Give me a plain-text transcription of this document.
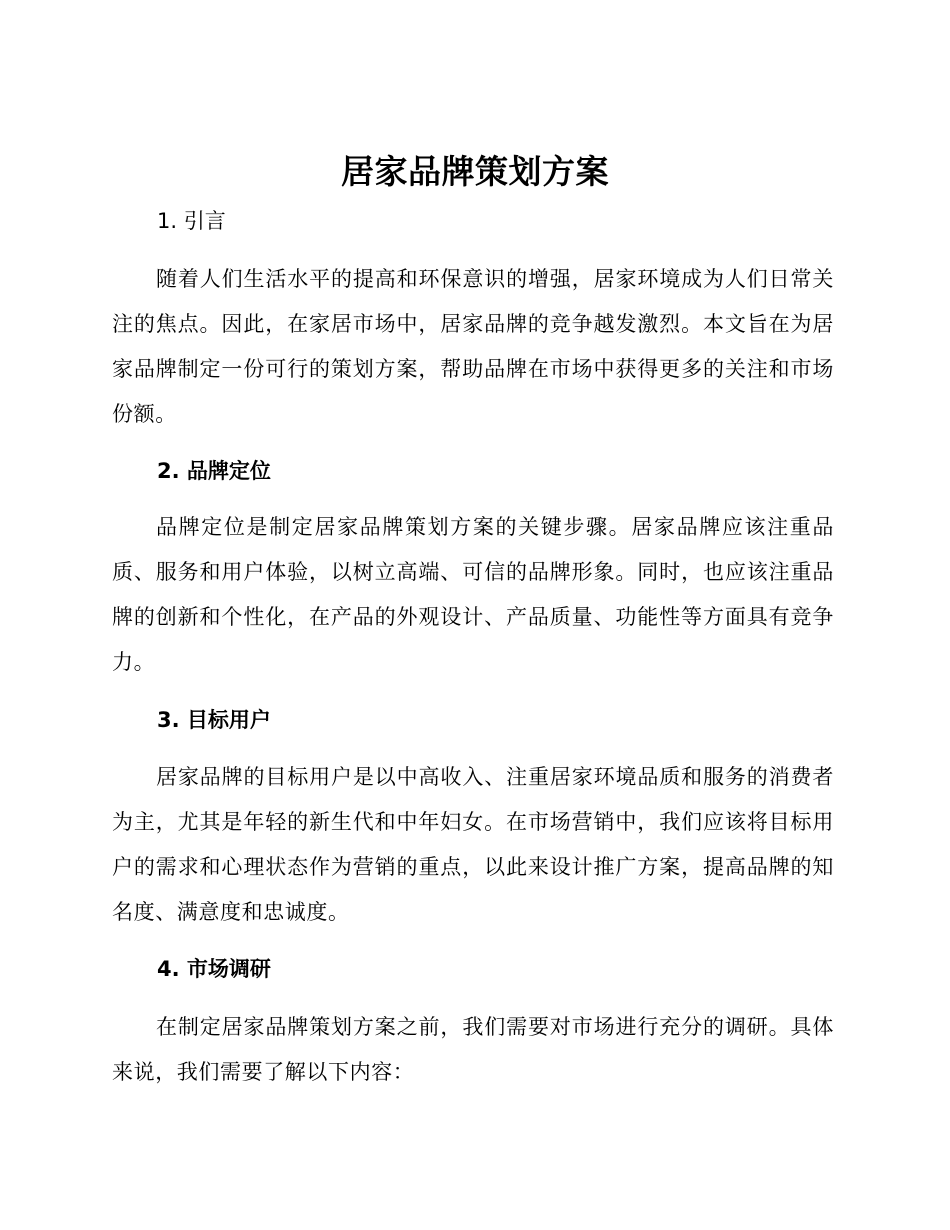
居家品牌策划方案
1. 引言

随着人们生活水平的提高和环保意识的增强，居家环境成为人们日常关注的焦点。因此，在家居市场中，居家品牌的竞争越发激烈。本文旨在为居家品牌制定一份可行的策划方案，帮助品牌在市场中获得更多的关注和市场份额。

2. 品牌定位

品牌定位是制定居家品牌策划方案的关键步骤。居家品牌应该注重品质、服务和用户体验，以树立高端、可信的品牌形象。同时，也应该注重品牌的创新和个性化，在产品的外观设计、产品质量、功能性等方面具有竞争力。

3. 目标用户

居家品牌的目标用户是以中高收入、注重居家环境品质和服务的消费者为主，尤其是年轻的新生代和中年妇女。在市场营销中，我们应该将目标用户的需求和心理状态作为营销的重点，以此来设计推广方案，提高品牌的知名度、满意度和忠诚度。

4. 市场调研

在制定居家品牌策划方案之前，我们需要对市场进行充分的调研。具体来说，我们需要了解以下内容：
